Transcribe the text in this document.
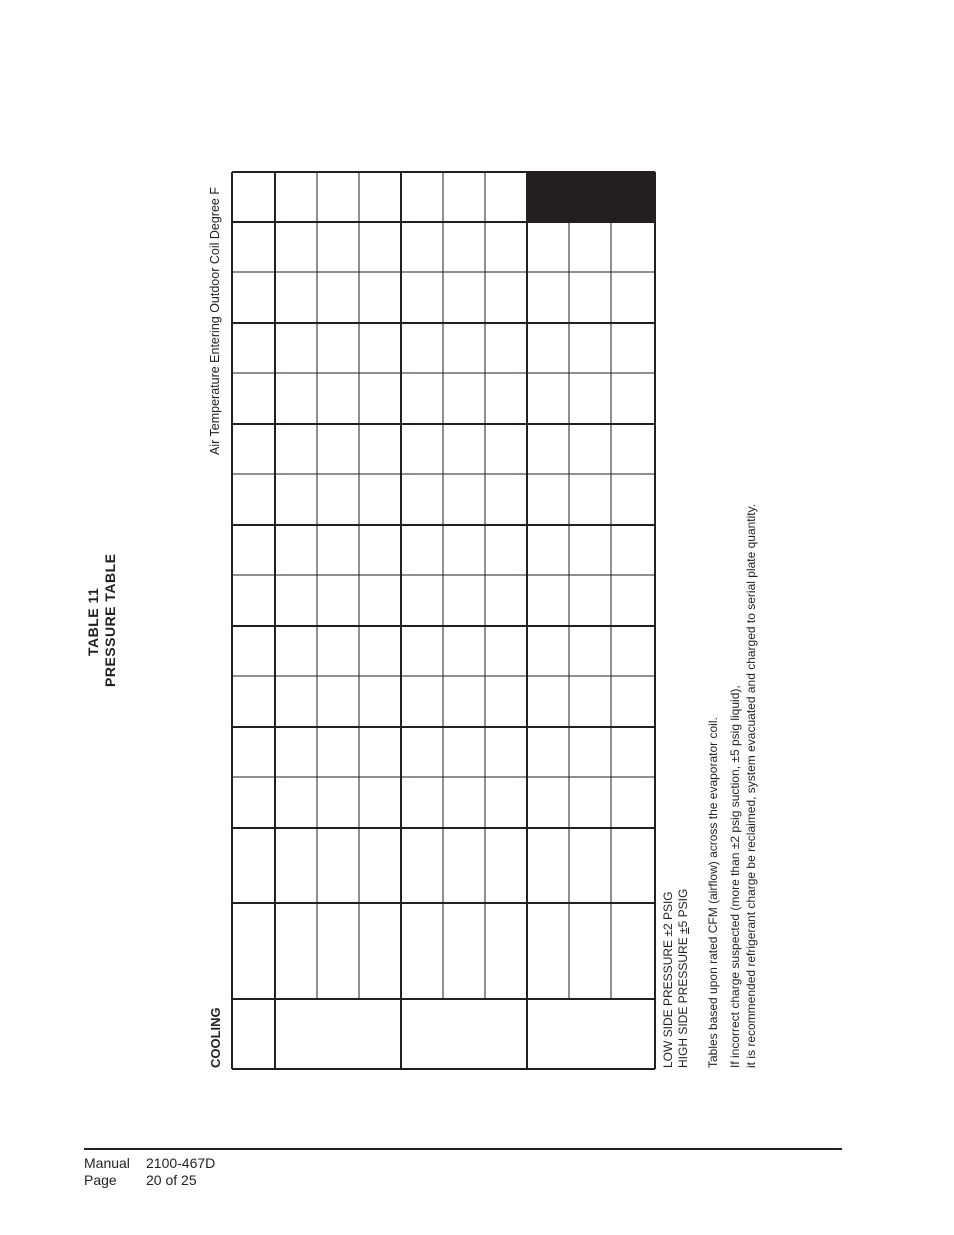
TABLE 11 PRESSURE TABLE
Air Temperature Entering Outdoor Coil Degree F
COOLING	LOW SIDE PRESSURE ±2 PSIG HIGH SIDE PRESSURE ±5 PSIG Tables based upon rated CFM (airflow) across the evaporator coil. If incorrect charge suspected (more than ±2 psig suction, ±5 psig liquid), it is recommended refrigerant charge be reclaimed, system evacuated and charged to serial plate quantity.
Manual 2100-467D
Page 20 of 25
